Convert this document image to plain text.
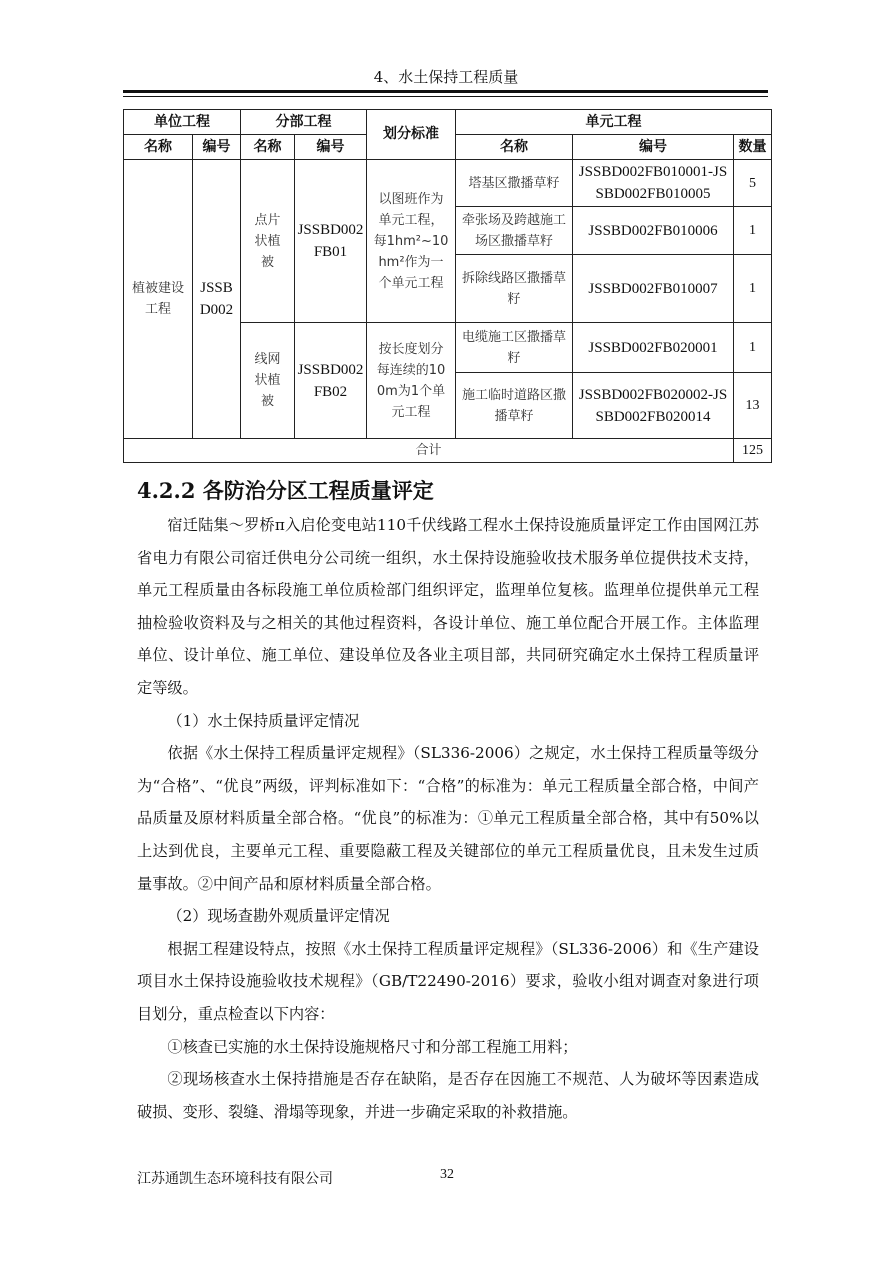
4、水土保持工程质量
单位工程		分部工程		划分标准	单元工程		
名称	编号	名称	编号		名称	编号	数量
植被建设工程	JSSBD002	点片状植被	JSSBD002FB01	以图班作为单元工程，每1hm²~10hm²作为一个单元工程	塔基区撒播草籽	JSSBD002FB010001-JSSBD002FB010005	5
					牵张场及跨越施工场区撒播草籽	JSSBD002FB010006	1
					拆除线路区撒播草籽	JSSBD002FB010007	1
		线网状植被	JSSBD002FB02	按长度划分每连续的100m为1个单元工程	电缆施工区撒播草籽	JSSBD002FB020001	1
					施工临时道路区撒播草籽	JSSBD002FB020002-JSSBD002FB020014	13
合计							125
4.2.2 各防治分区工程质量评定

宿迁陆集～罗桥π入启伦变电站110千伏线路工程水土保持设施质量评定工作由国网江苏省电力有限公司宿迁供电分公司统一组织，水土保持设施验收技术服务单位提供技术支持，单元工程质量由各标段施工单位质检部门组织评定，监理单位复核。监理单位提供单元工程抽检验收资料及与之相关的其他过程资料，各设计单位、施工单位配合开展工作。主体监理单位、设计单位、施工单位、建设单位及各业主项目部，共同研究确定水土保持工程质量评定等级。

（1）水土保持质量评定情况

依据《水土保持工程质量评定规程》（SL336-2006）之规定，水土保持工程质量等级分为“合格”、“优良”两级，评判标准如下：“合格”的标准为：单元工程质量全部合格，中间产品质量及原材料质量全部合格。“优良”的标准为：①单元工程质量全部合格，其中有50%以上达到优良，主要单元工程、重要隐蔽工程及关键部位的单元工程质量优良，且未发生过质量事故。②中间产品和原材料质量全部合格。

（2）现场查勘外观质量评定情况

根据工程建设特点，按照《水土保持工程质量评定规程》（SL336-2006）和《生产建设项目水土保持设施验收技术规程》（GB/T22490-2016）要求，验收小组对调查对象进行项目划分，重点检查以下内容：

①核查已实施的水土保持设施规格尺寸和分部工程施工用料；

②现场核查水土保持措施是否存在缺陷，是否存在因施工不规范、人为破坏等因素造成破损、变形、裂缝、滑塌等现象，并进一步确定采取的补救措施。

江苏通凯生态环境科技有限公司	32
